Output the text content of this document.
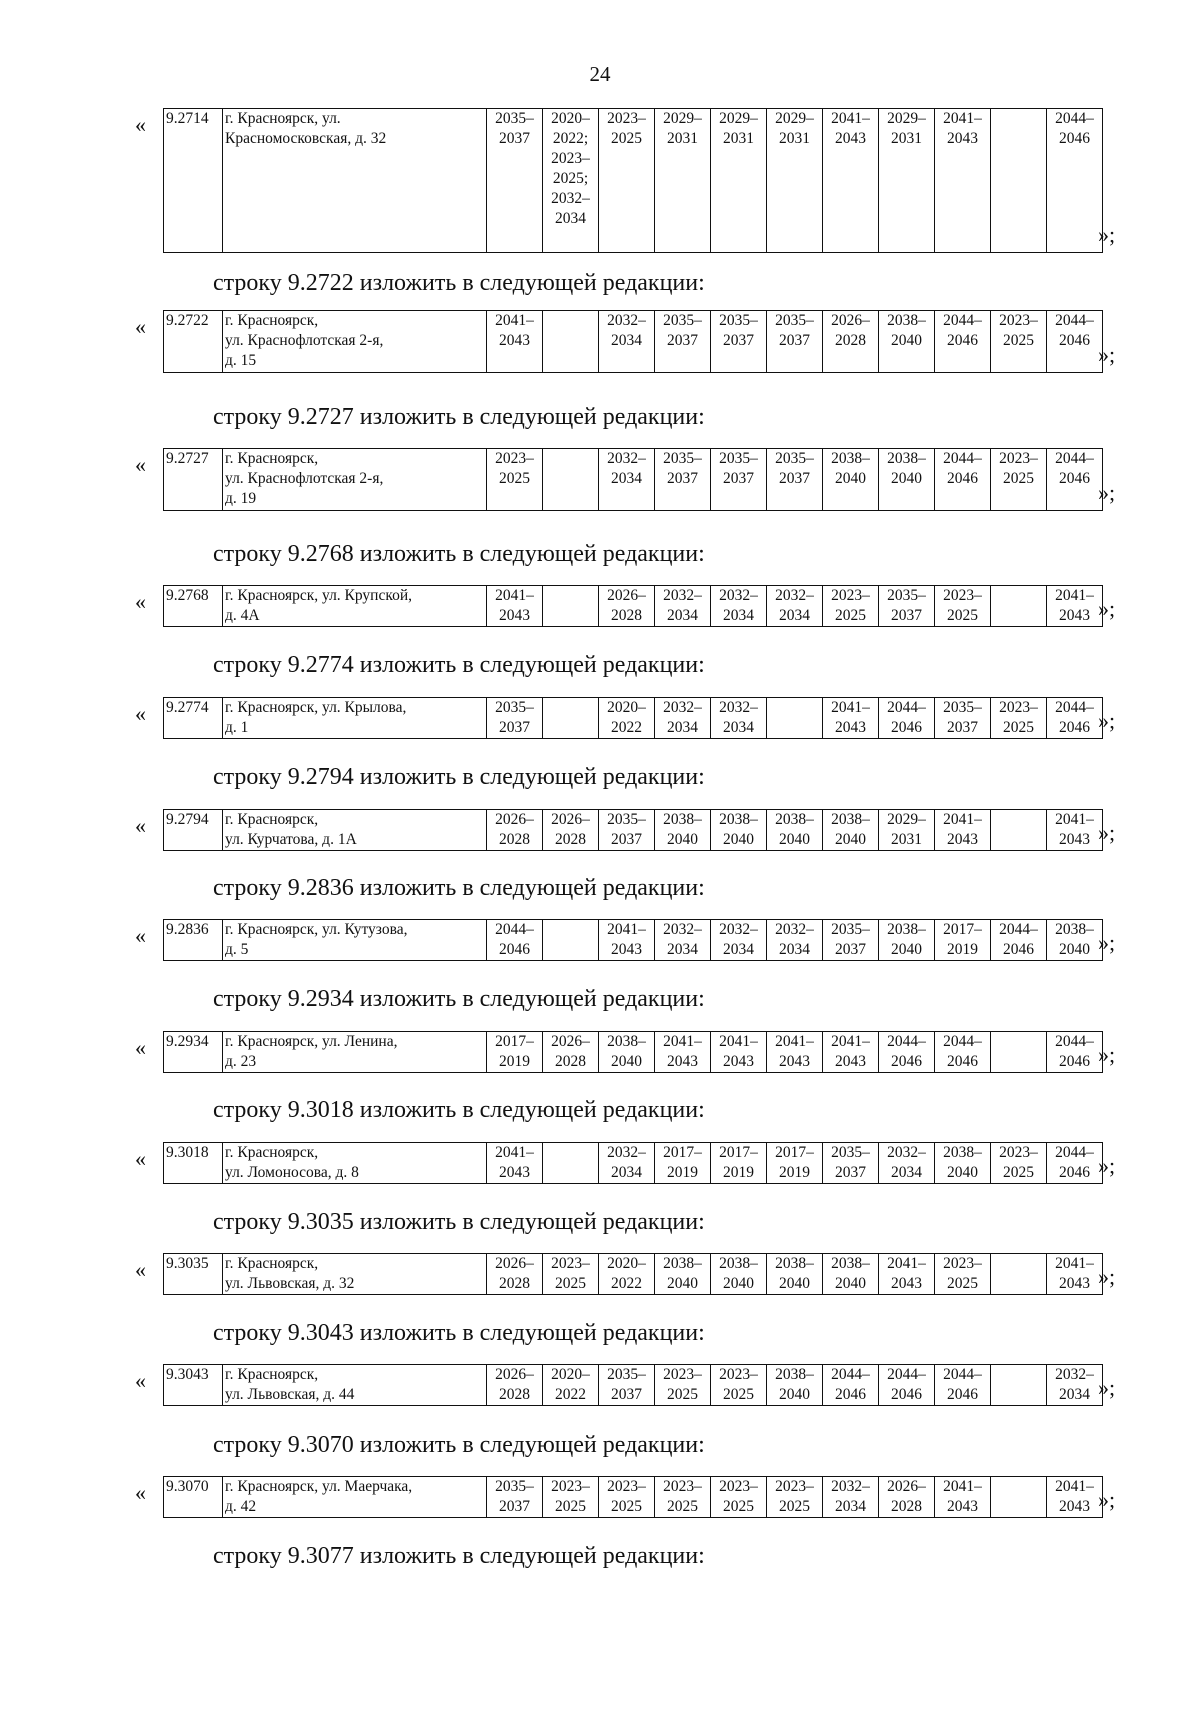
24
« 9.2714	г. Красноярск, ул.
Красномосковская, д. 32	2035–
2037	2020–
2022;
2023–
2025;
2032–
2034	2023–
2025	2029–
2031	2029–
2031	2029–
2031	2041–
2043	2029–
2031	2041–
2043		2044–
2046
»;
« 9.2722	г. Красноярск,
ул. Краснофлотская 2-я,
д. 15	2041–
2043		2032–
2034	2035–
2037	2035–
2037	2035–
2037	2026–
2028	2038–
2040	2044–
2046	2023–
2025	2044–
2046
»;
« 9.2727	г. Красноярск,
ул. Краснофлотская 2-я,
д. 19	2023–
2025		2032–
2034	2035–
2037	2035–
2037	2035–
2037	2038–
2040	2038–
2040	2044–
2046	2023–
2025	2044–
2046
»;
« 9.2768	г. Красноярск, ул. Крупской,
д. 4А	2041–
2043		2026–
2028	2032–
2034	2032–
2034	2032–
2034	2023–
2025	2035–
2037	2023–
2025		2041–
2043 »;
« 9.2774	г. Красноярск, ул. Крылова,
д. 1	2035–
2037		2020–
2022	2032–
2034	2032–
2034		2041–
2043	2044–
2046	2035–
2037	2023–
2025	2044–
2046 »;
« 9.2794	г. Красноярск,
ул. Курчатова, д. 1А	2026–
2028	2026–
2028	2035–
2037	2038–
2040	2038–
2040	2038–
2040	2038–
2040	2029–
2031	2041–
2043		2041–
2043 »;
« 9.2836	г. Красноярск, ул. Кутузова,
д. 5	2044–
2046		2041–
2043	2032–
2034	2032–
2034	2032–
2034	2035–
2037	2038–
2040	2017–
2019	2044–
2046	2038–
2040 »;
« 9.2934	г. Красноярск, ул. Ленина,
д. 23	2017–
2019	2026–
2028	2038–
2040	2041–
2043	2041–
2043	2041–
2043	2041–
2043	2044–
2046	2044–
2046		2044–
2046 »;
« 9.3018	г. Красноярск,
ул. Ломоносова, д. 8	2041–
2043		2032–
2034	2017–
2019	2017–
2019	2017–
2019	2035–
2037	2032–
2034	2038–
2040	2023–
2025	2044–
2046 »;
« 9.3035	г. Красноярск,
ул. Львовская, д. 32	2026–
2028	2023–
2025	2020–
2022	2038–
2040	2038–
2040	2038–
2040	2038–
2040	2041–
2043	2023–
2025		2041–
2043 »;
« 9.3043	г. Красноярск,
ул. Львовская, д. 44	2026–
2028	2020–
2022	2035–
2037	2023–
2025	2023–
2025	2038–
2040	2044–
2046	2044–
2046	2044–
2046		2032–
2034 »;
« 9.3070	г. Красноярск, ул. Маерчака,
д. 42	2035–
2037	2023–
2025	2023–
2025	2023–
2025	2023–
2025	2023–
2025	2032–
2034	2026–
2028	2041–
2043		2041–
2043 »;
строку 9.2722 изложить в следующей редакции:
строку 9.2727 изложить в следующей редакции:
строку 9.2768 изложить в следующей редакции:
строку 9.2774 изложить в следующей редакции:
строку 9.2794 изложить в следующей редакции:
строку 9.2836 изложить в следующей редакции:
строку 9.2934 изложить в следующей редакции:
строку 9.3018 изложить в следующей редакции:
строку 9.3035 изложить в следующей редакции:
строку 9.3043 изложить в следующей редакции:
строку 9.3070 изложить в следующей редакции:
строку 9.3077 изложить в следующей редакции:
